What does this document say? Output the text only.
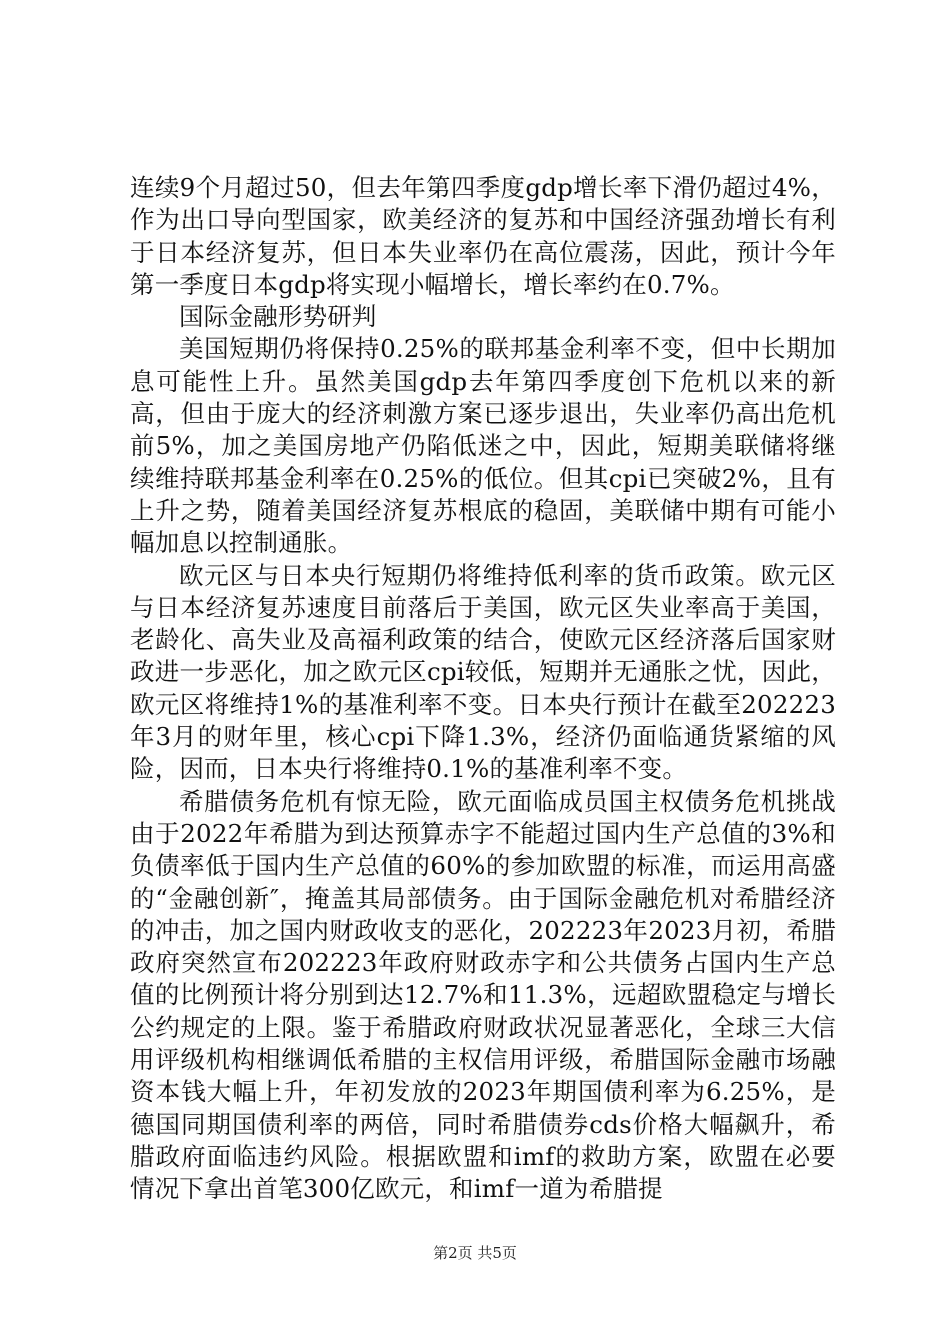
连续9个月超过50，但去年第四季度gdp增长率下滑仍超过4%，作为出口导向型国家，欧美经济的复苏和中国经济强劲增长有利于日本经济复苏，但日本失业率仍在高位震荡，因此，预计今年第一季度日本gdp将实现小幅增长，增长率约在0.7%。

国际金融形势研判

美国短期仍将保持0.25%的联邦基金利率不变，但中长期加息可能性上升。虽然美国gdp去年第四季度创下危机以来的新高，但由于庞大的经济刺激方案已逐步退出，失业率仍高出危机前5%，加之美国房地产仍陷低迷之中，因此，短期美联储将继续维持联邦基金利率在0.25%的低位。但其cpi已突破2%，且有上升之势，随着美国经济复苏根底的稳固，美联储中期有可能小幅加息以控制通胀。

欧元区与日本央行短期仍将维持低利率的货币政策。欧元区与日本经济复苏速度目前落后于美国，欧元区失业率高于美国，老龄化、高失业及高福利政策的结合，使欧元区经济落后国家财政进一步恶化，加之欧元区cpi较低，短期并无通胀之忧，因此，欧元区将维持1%的基准利率不变。日本央行预计在截至202223年3月的财年里，核心cpi下降1.3%，经济仍面临通货紧缩的风险，因而，日本央行将维持0.1%的基准利率不变。

希腊债务危机有惊无险，欧元面临成员国主权债务危机挑战由于2022年希腊为到达预算赤字不能超过国内生产总值的3%和负债率低于国内生产总值的60%的参加欧盟的标准，而运用高盛的“金融创新″，掩盖其局部债务。由于国际金融危机对希腊经济的冲击，加之国内财政收支的恶化，202223年2023月初，希腊政府突然宣布202223年政府财政赤字和公共债务占国内生产总值的比例预计将分别到达12.7%和11.3%，远超欧盟稳定与增长公约规定的上限。鉴于希腊政府财政状况显著恶化，全球三大信用评级机构相继调低希腊的主权信用评级，希腊国际金融市场融资本钱大幅上升，年初发放的2023年期国债利率为6.25%，是德国同期国债利率的两倍，同时希腊债券cds价格大幅飙升，希腊政府面临违约风险。根据欧盟和imf的救助方案，欧盟在必要情况下拿出首笔300亿欧元，和imf一道为希腊提

第2页 共5页
